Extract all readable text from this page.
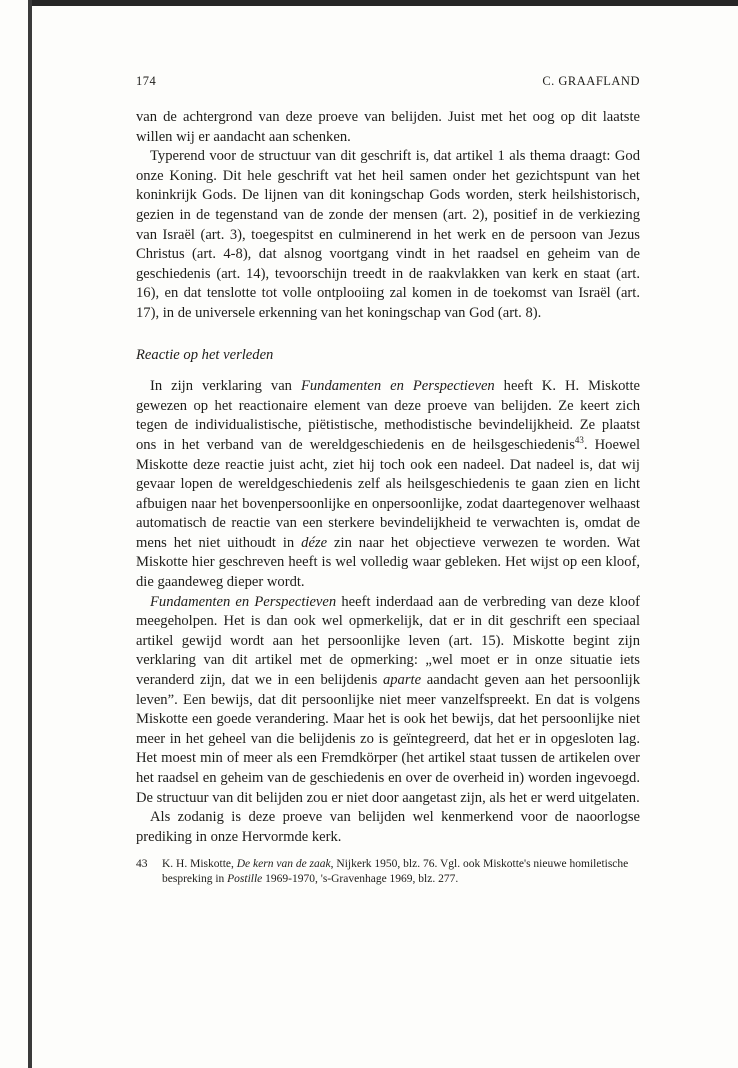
174	C. GRAAFLAND

van de achtergrond van deze proeve van belijden. Juist met het oog op dit laatste willen wij er aandacht aan schenken.

Typerend voor de structuur van dit geschrift is, dat artikel 1 als thema draagt: God onze Koning. Dit hele geschrift vat het heil samen onder het gezichtspunt van het koninkrijk Gods. De lijnen van dit koningschap Gods worden, sterk heilshistorisch, gezien in de tegenstand van de zonde der mensen (art. 2), positief in de verkiezing van Israël (art. 3), toegespitst en culminerend in het werk en de persoon van Jezus Christus (art. 4-8), dat alsnog voortgang vindt in het raadsel en geheim van de geschiedenis (art. 14), tevoorschijn treedt in de raakvlakken van kerk en staat (art. 16), en dat tenslotte tot volle ontplooiing zal komen in de toekomst van Israël (art. 17), in de universele erkenning van het koningschap van God (art. 8).

Reactie op het verleden

In zijn verklaring van Fundamenten en Perspectieven heeft K. H. Miskotte gewezen op het reactionaire element van deze proeve van belijden. Ze keert zich tegen de individualistische, piëtistische, methodistische bevindelijkheid. Ze plaatst ons in het verband van de wereldgeschiedenis en de heilsgeschiedenis$^{43}$. Hoewel Miskotte deze reactie juist acht, ziet hij toch ook een nadeel. Dat nadeel is, dat wij gevaar lopen de wereldgeschiedenis zelf als heilsgeschiedenis te gaan zien en licht afbuigen naar het bovenpersoonlijke en onpersoonlijke, zodat daartegenover welhaast automatisch de reactie van een sterkere bevindelijkheid te verwachten is, omdat de mens het niet uithoudt in déze zin naar het objectieve verwezen te worden. Wat Miskotte hier geschreven heeft is wel volledig waar gebleken. Het wijst op een kloof, die gaandeweg dieper wordt.

Fundamenten en Perspectieven heeft inderdaad aan de verbreding van deze kloof meegeholpen. Het is dan ook wel opmerkelijk, dat er in dit geschrift een speciaal artikel gewijd wordt aan het persoonlijke leven (art. 15). Miskotte begint zijn verklaring van dit artikel met de opmerking: „wel moet er in onze situatie iets veranderd zijn, dat we in een belijdenis aparte aandacht geven aan het persoonlijk leven”. Een bewijs, dat dit persoonlijke niet meer vanzelfspreekt. En dat is volgens Miskotte een goede verandering. Maar het is ook het bewijs, dat het persoonlijke niet meer in het geheel van die belijdenis zo is geïntegreerd, dat het er in opgesloten lag. Het moest min of meer als een Fremdkörper (het artikel staat tussen de artikelen over het raadsel en geheim van de geschiedenis en over de overheid in) worden ingevoegd. De structuur van dit belijden zou er niet door aangetast zijn, als het er werd uitgelaten.

Als zodanig is deze proeve van belijden wel kenmerkend voor de naoorlogse prediking in onze Hervormde kerk.

43	K. H. Miskotte, De kern van de zaak, Nijkerk 1950, blz. 76. Vgl. ook Miskotte's nieuwe homiletische bespreking in Postille 1969-1970, 's-Gravenhage 1969, blz. 277.
